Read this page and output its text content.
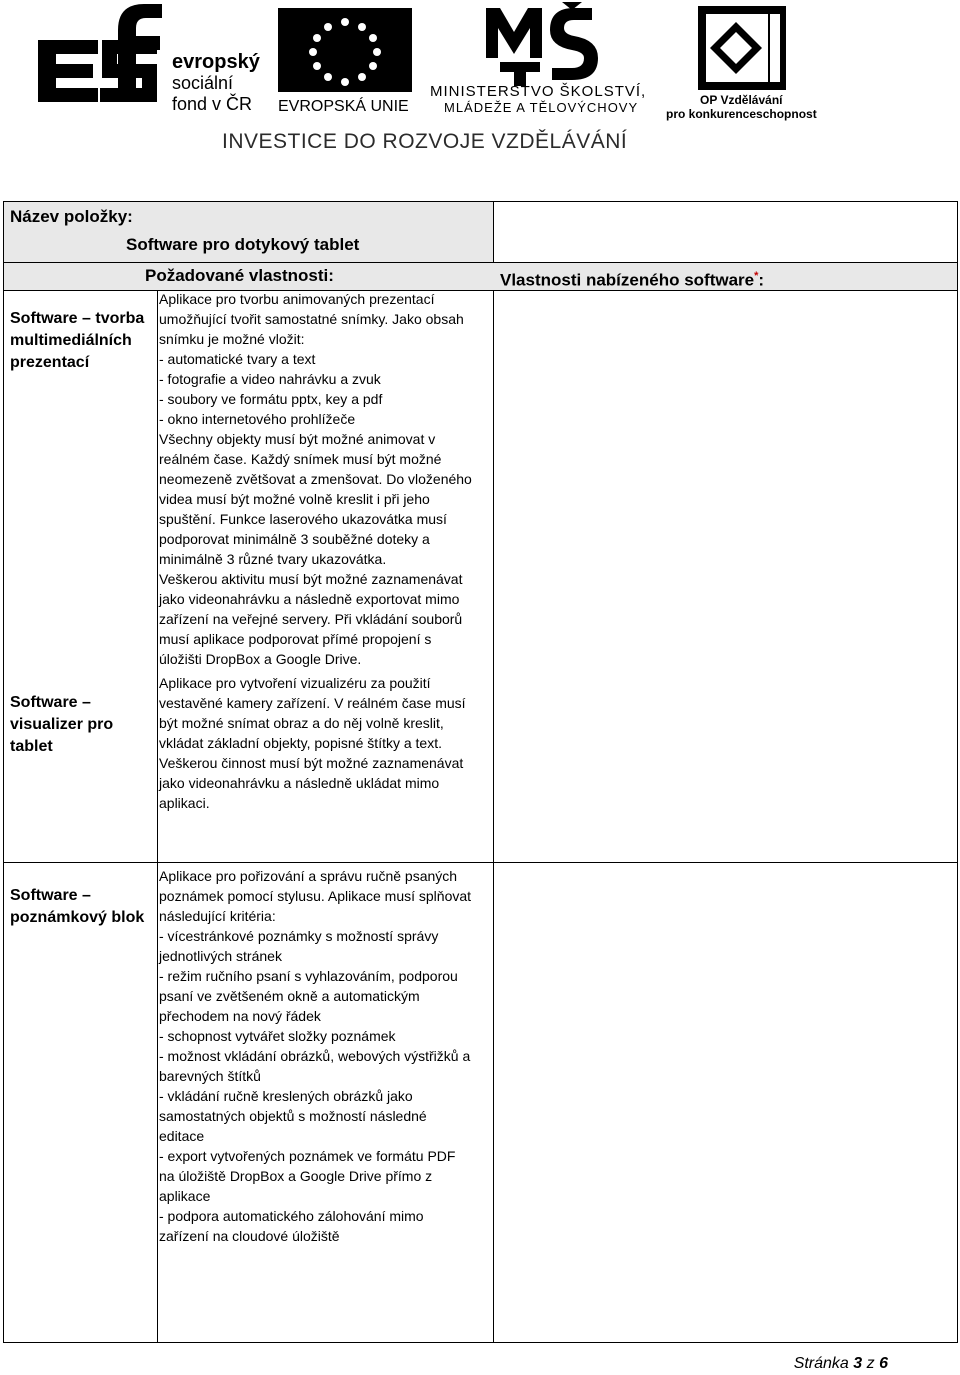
evropský
sociální
fond v ČR EVROPSKÁ UNIE
MINISTERSTVO ŠKOLSTVÍ,
MLÁDEŽE A TĚLOVÝCHOVY	OP Vzdělávání
pro konkurenceschopnost
INVESTICE DO ROZVOJE VZDĚLÁVÁNÍ
Název položky:
Software pro dotykový tablet
Požadované vlastnosti:	Vlastnosti nabízeného software*:
Software – tvorba multimediálních prezentací
Aplikace pro tvorbu animovaných prezentací
umožňující tvořit samostatné snímky. Jako obsah
snímku je možné vložit:
- automatické tvary a text
- fotografie a video nahrávku a zvuk
- soubory ve formátu pptx, key a pdf
- okno internetového prohlížeče
Všechny objekty musí být možné animovat v
reálném čase. Každý snímek musí být možné
neomezeně zvětšovat a zmenšovat. Do vloženého
videa musí být možné volně kreslit i při jeho
spuštění. Funkce laserového ukazovátka musí
podporovat minimálně 3 souběžné doteky a
minimálně 3 různé tvary ukazovátka.
Veškerou aktivitu musí být možné zaznamenávat
jako videonahrávku a následně exportovat mimo
zařízení na veřejné servery. Při vkládání souborů
musí aplikace podporovat přímé propojení s
úložišti DropBox a Google Drive.
Software – visualizer pro tablet
Aplikace pro vytvoření vizualizéru za použití
vestavěné kamery zařízení. V reálném čase musí
být možné snímat obraz a do něj volně kreslit,
vkládat základní objekty, popisné štítky a text.
Veškerou činnost musí být možné zaznamenávat
jako videonahrávku a následně ukládat mimo
aplikaci.
Software – poznámkový blok
Aplikace pro pořizování a správu ručně psaných
poznámek pomocí stylusu. Aplikace musí splňovat
následující kritéria:
- vícestránkové poznámky s možností správy
jednotlivých stránek
- režim ručního psaní s vyhlazováním, podporou
psaní ve zvětšeném okně a automatickým
přechodem na nový řádek
- schopnost vytvářet složky poznámek
- možnost vkládání obrázků, webových výstřižků a
barevných štítků
- vkládání ručně kreslených obrázků jako
samostatných objektů s možností následné
editace
- export vytvořených poznámek ve formátu PDF
na úložiště DropBox a Google Drive přímo z
aplikace
- podpora automatického zálohování mimo
zařízení na cloudové úložiště
Stránka 3 z 6
